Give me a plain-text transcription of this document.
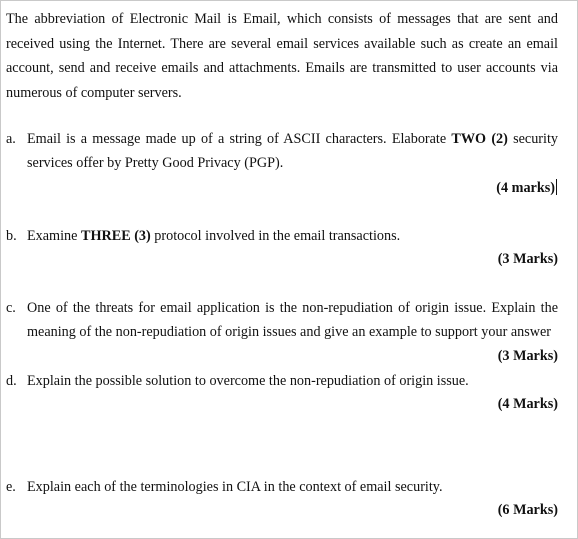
The abbreviation of Electronic Mail is Email, which consists of messages that are sent and received using the Internet. There are several email services available such as create an email account, send and receive emails and attachments. Emails are transmitted to user accounts via numerous of computer servers.
a. Email is a message made up of a string of ASCII characters. Elaborate TWO (2) security services offer by Pretty Good Privacy (PGP).
(4 marks)
b. Examine THREE (3) protocol involved in the email transactions.
(3 Marks)
c. One of the threats for email application is the non-repudiation of origin issue. Explain the meaning of the non-repudiation of origin issues and give an example to support your answer
(3 Marks)
d. Explain the possible solution to overcome the non-repudiation of origin issue.
(4 Marks)
e. Explain each of the terminologies in CIA in the context of email security.
(6 Marks)
